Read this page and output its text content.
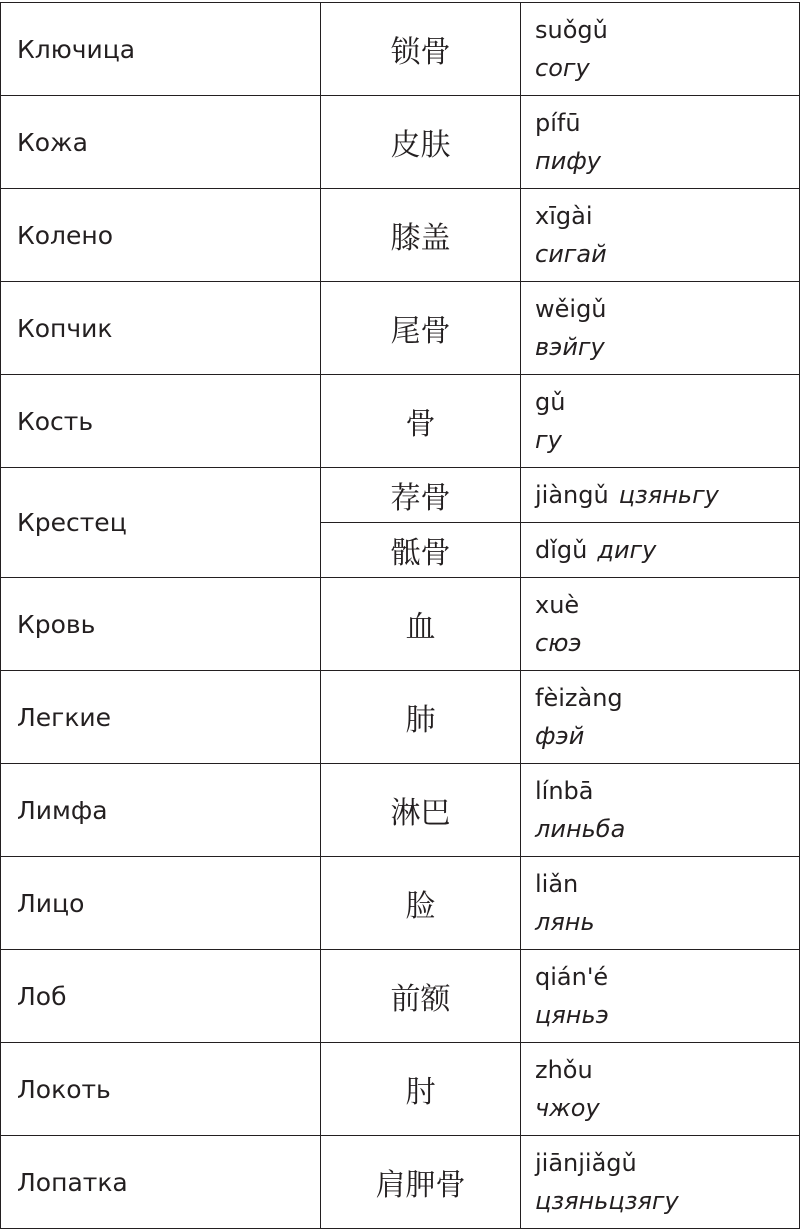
Ключица	锁骨	suǒgǔ
согу

Кожа	皮肤	pífū
пифу

Колено	膝盖	xīgài
сигай

Копчик	尾骨	wěigǔ
вэйгу

Кость	骨	gǔ
гу

Крестец	荐骨	jiàngǔ цзяньгу
	骶骨	dǐgǔ дигу
Кровь	血	xuè
сюэ

Легкие	肺	fèizàng
фэй

Лимфа	淋巴	línbā
линьба

Лицо	脸	liǎn
лянь

Лоб	前额	qián'é
цяньэ

Локоть	肘	zhǒu
чжоу

Лопатка	肩胛骨	jiānjiǎgǔ
цзяньцзягу
